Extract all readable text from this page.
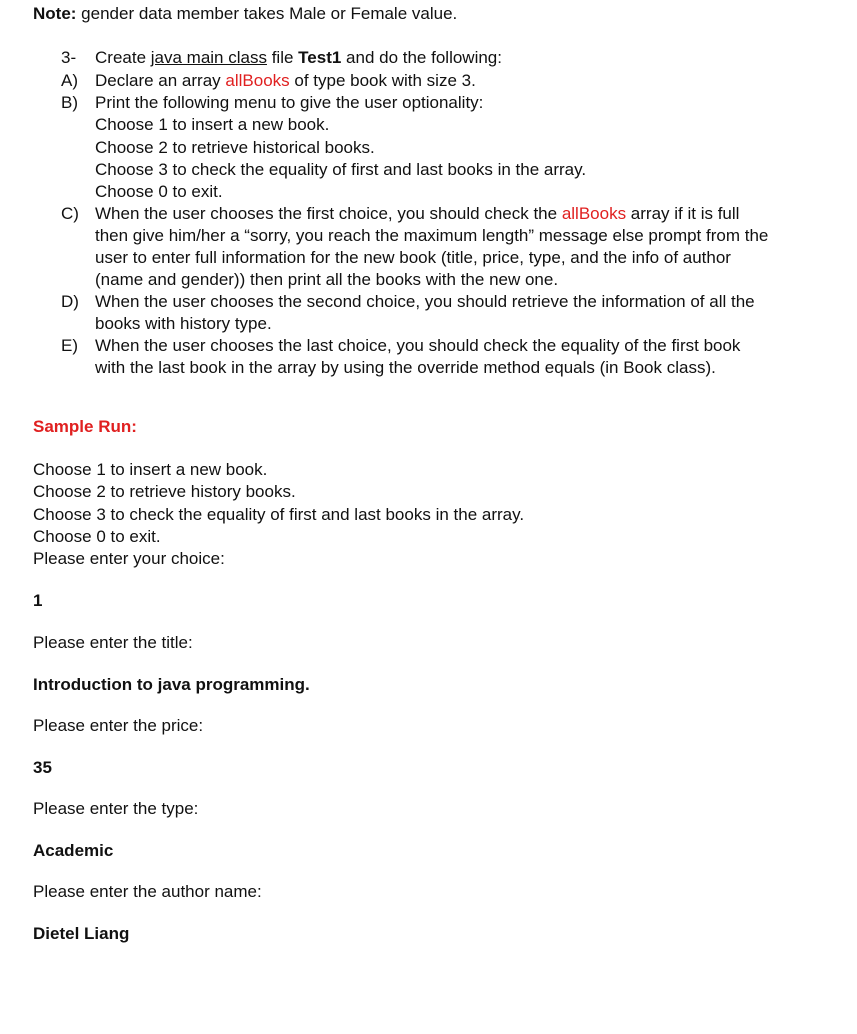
Note: gender data member takes Male or Female value.
3- Create java main class file Test1 and do the following:
A) Declare an array allBooks of type book with size 3.
B) Print the following menu to give the user optionality:
Choose 1 to insert a new book.
Choose 2 to retrieve historical books.
Choose 3 to check the equality of first and last books in the array.
Choose 0 to exit.
C) When the user chooses the first choice, you should check the allBooks array if it is full
then give him/her a “sorry, you reach the maximum length” message else prompt from the
user to enter full information for the new book (title, price, type, and the info of author
(name and gender)) then print all the books with the new one.
D) When the user chooses the second choice, you should retrieve the information of all the
books with history type.
E) When the user chooses the last choice, you should check the equality of the first book
with the last book in the array by using the override method equals (in Book class).
Sample Run:
Choose 1 to insert a new book.
Choose 2 to retrieve history books.
Choose 3 to check the equality of first and last books in the array.
Choose 0 to exit.
Please enter your choice:
1
Please enter the title:
Introduction to java programming.
Please enter the price:
35
Please enter the type:
Academic
Please enter the author name:
Dietel Liang
